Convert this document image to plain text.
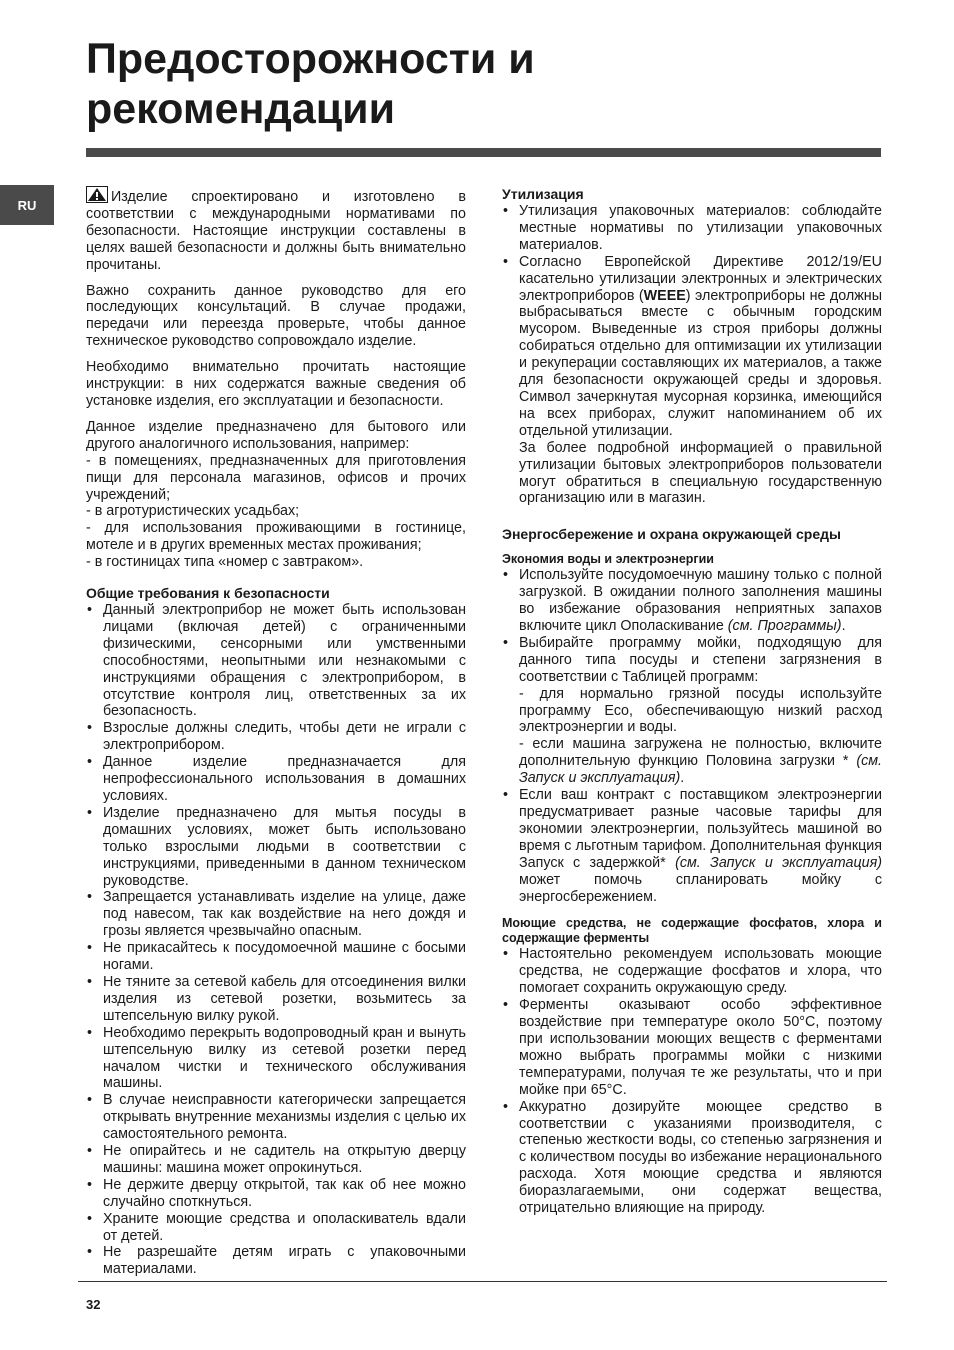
Предосторожности и
рекомендации
RU	Изделие спроектировано и изготовлено в соответствии с международными нормативами по безопасности. Настоящие инструкции составлены в целях вашей безопасности и должны быть внимательно прочитаны.

Важно сохранить данное руководство для его последующих консультаций. В случае продажи, передачи или переезда проверьте, чтобы данное техническое руководство сопровождало изделие.

Необходимо внимательно прочитать настоящие инструкции: в них содержатся важные сведения об установке изделия, его эксплуатации и безопасности.

Данное изделие предназначено для бытового или другого аналогичного использования, например:
- в помещениях, предназначенных для приготовления пищи для персонала магазинов, офисов и прочих учреждений;
- в агротуристических усадьбах;
- для использования проживающими в гостинице, мотеле и в других временных местах проживания;
- в гостиницах типа «номер с завтраком».

Общие требования к безопасности
• Данный электроприбор не может быть использован лицами (включая детей) с ограниченными физическими, сенсорными или умственными способностями, неопытными или незнакомыми с инструкциями обращения с электроприбором, в отсутствие контроля лиц, ответственных за их безопасность.
• Взрослые должны следить, чтобы дети не играли с электроприбором.
• Данное изделие предназначается для непрофессионального использования в домашних условиях.
• Изделие предназначено для мытья посуды в домашних условиях, может быть использовано только взрослыми людьми в соответствии с инструкциями, приведенными в данном техническом руководстве.
• Запрещается устанавливать изделие на улице, даже под навесом, так как воздействие на него дождя и грозы является чрезвычайно опасным.
• Не прикасайтесь к посудомоечной машине с босыми ногами.
• Не тяните за сетевой кабель для отсоединения вилки изделия из сетевой розетки, возьмитесь за штепсельную вилку рукой.
• Необходимо перекрыть водопроводный кран и вынуть штепсельную вилку из сетевой розетки перед началом чистки и технического обслуживания машины.
• В случае неисправности категорически запрещается открывать внутренние механизмы изделия с целью их самостоятельного ремонта.
• Не опирайтесь и не садитель на открытую дверцу машины: машина может опрокинуться.
• Не держите дверцу открытой, так как об нее можно случайно споткнуться.
• Храните моющие средства и ополаскиватель вдали от детей.
• Не разрешайте детям играть с упаковочными материалами.
Утилизация
• Утилизация упаковочных материалов: соблюдайте местные нормативы по утилизации упаковочных материалов.
• Согласно Европейской Директиве 2012/19/EU касательно утилизации электронных и электрических электроприборов (WEEE) электроприборы не должны выбрасываться вместе с обычным городским мусором. Выведенные из строя приборы должны собираться отдельно для оптимизации их утилизации и рекуперации составляющих их материалов, а также для безопасности окружающей среды и здоровья. Символ зачеркнутая мусорная корзинка, имеющийся на всех приборах, служит напоминанием об их отдельной утилизации.
За более подробной информацией о правильной утилизации бытовых электроприборов пользователи могут обратиться в специальную государственную организацию или в магазин.
Энергосбережение и охрана окружающей среды
Экономия воды и электроэнергии
• Используйте посудомоечную машину только с полной загрузкой. В ожидании полного заполнения машины во избежание образования неприятных запахов включите цикл Ополаскивание (см. Программы).
• Выбирайте программу мойки, подходящую для данного типа посуды и степени загрязнения в соответствии с Таблицей программ:
- для нормально грязной посуды используйте программу Eco, обеспечивающую низкий расход электроэнергии и воды.
- если машина загружена не полностью, включите дополнительную функцию Половина загрузки * (см. Запуск и эксплуатация).
• Если ваш контракт с поставщиком электроэнергии предусматривает разные часовые тарифы для экономии электроэнергии, пользуйтесь машиной во время с льготным тарифом. Дополнительная функция Запуск с задержкой* (см. Запуск и эксплуатация) может помочь спланировать мойку с энергосбережением.
Моющие средства, не содержащие фосфатов, хлора и содержащие ферменты
• Настоятельно рекомендуем использовать моющие средства, не содержащие фосфатов и хлора, что помогает сохранить окружающую среду.
• Ферменты оказывают особо эффективное воздействие при температуре около 50°C, поэтому при использовании моющих веществ с ферментами можно выбрать программы мойки с низкими температурами, получая те же результаты, что и при мойке при 65°C.
• Аккуратно дозируйте моющее средство в соответствии с указаниями производителя, с степенью жесткости воды, со степенью загрязнения и с количеством посуды во избежание нерационального расхода. Хотя моющие средства и являются биоразлагаемыми, они содержат вещества, отрицательно влияющие на природу.
32
